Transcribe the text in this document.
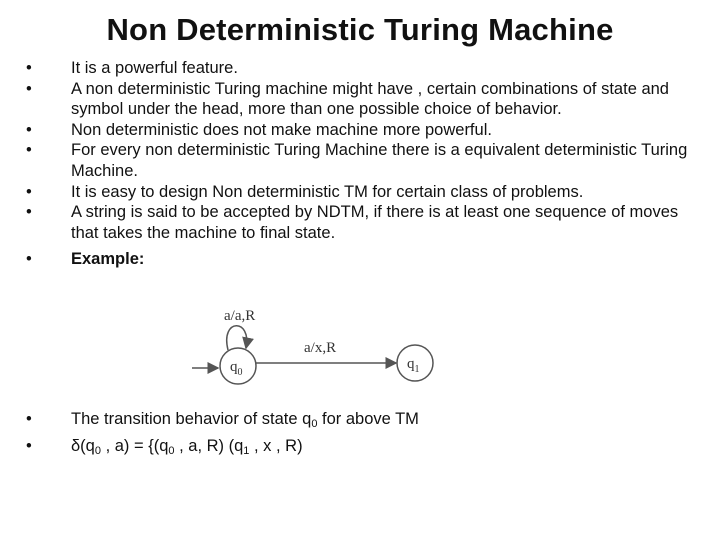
Non Deterministic Turing Machine
• It is a powerful feature.
• A non deterministic Turing machine might have , certain combinations of state and symbol under the head, more than one possible choice of behavior.
• Non deterministic does not make machine more powerful.
• For every non deterministic Turing Machine there is a equivalent deterministic Turing Machine.
• It is easy to design Non deterministic TM for certain class of problems.
• A string is said to be accepted by NDTM, if there is at least one sequence of moves that takes the machine to final state.
• Example:
a/a,R
$q_0$
a/x,R
$q_1$
• The transition behavior of state $q_0$ for above TM
• $\delta(q_0$ , $a) = \{(q_0$ , a, R) ($q_1$ , x , R)
